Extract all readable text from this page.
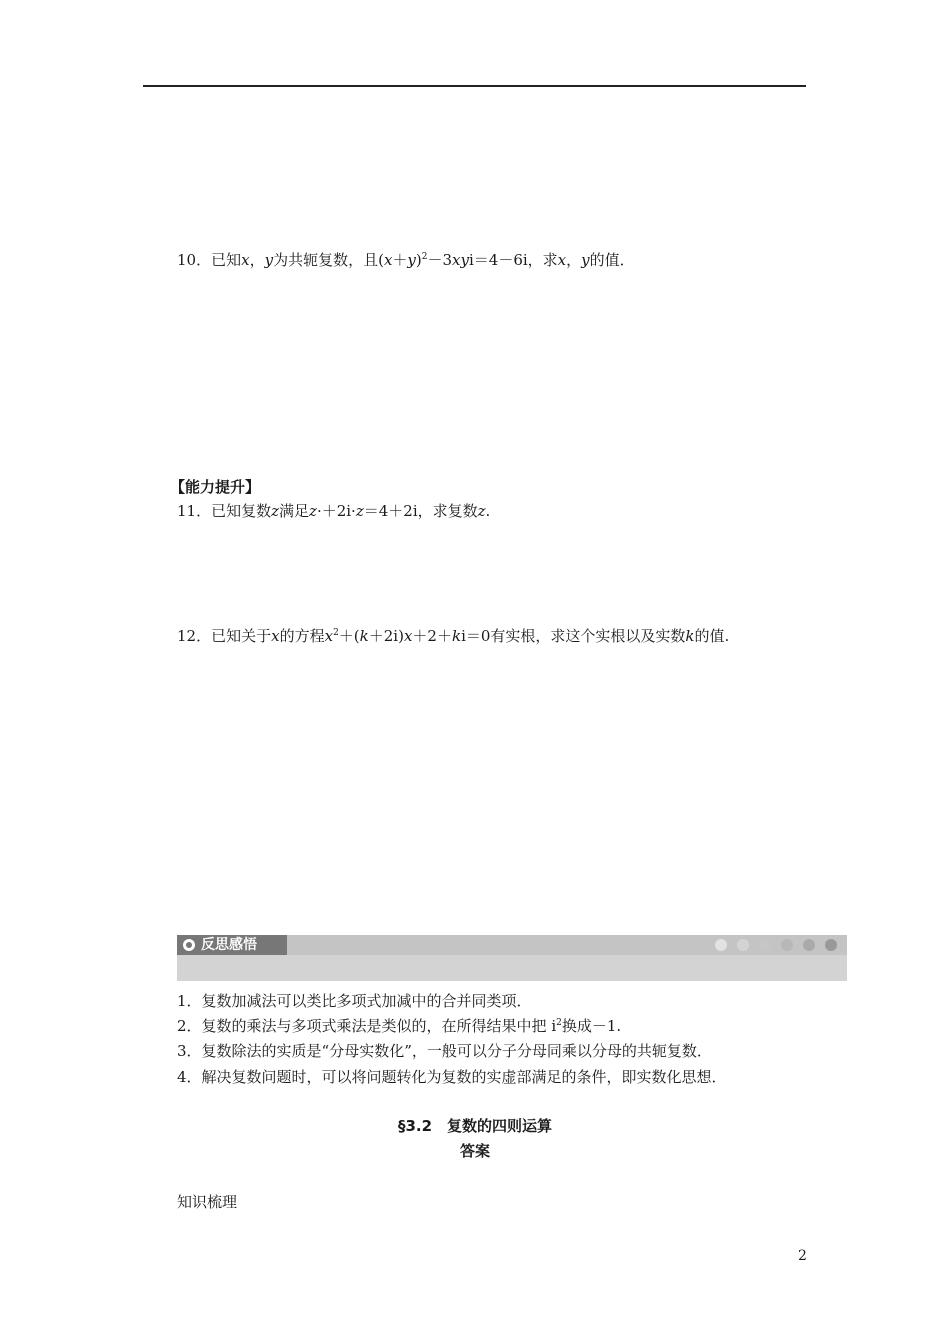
10．已知x，y为共轭复数，且$(x+y)^2-3xyi=4-6i$，求x，y的值．
【能力提升】
11．已知复数z满足z·＋2i·z＝4＋2i，求复数z.
12．已知关于x的方程$x^2+(k+2i)x+2+ki=0$有实根，求这个实根以及实数k的值.
反思感悟
1．复数加减法可以类比多项式加减中的合并同类项．
2．复数的乘法与多项式乘法是类似的，在所得结果中把 $i^2$换成－1.
3．复数除法的实质是“分母实数化”，一般可以分子分母同乘以分母的共轭复数．
4．解决复数问题时，可以将问题转化为复数的实虚部满足的条件，即实数化思想．
§3.2　复数的四则运算
答案
知识梳理
2
